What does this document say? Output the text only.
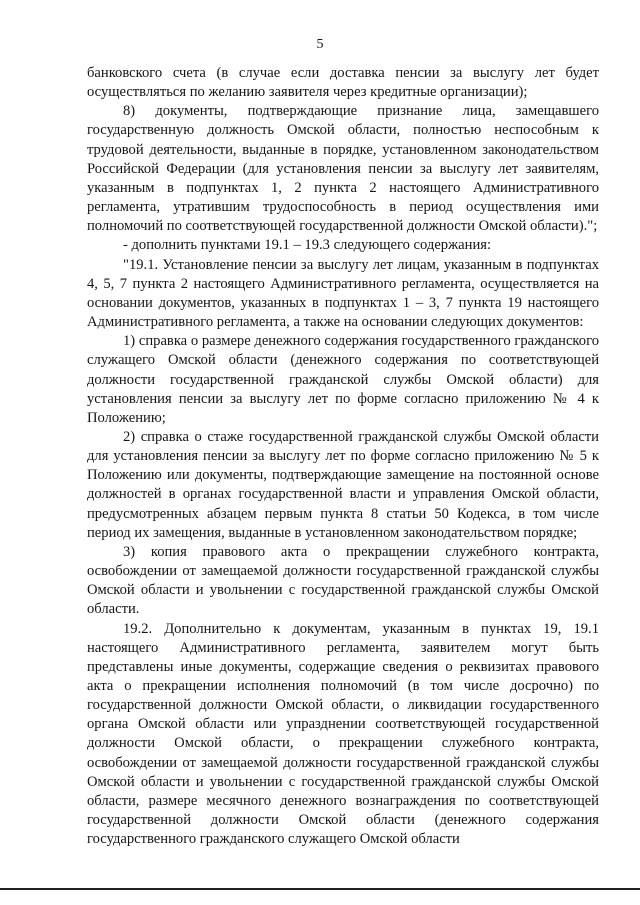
5

банковского счета (в случае если доставка пенсии за выслугу лет будет осуществляться по желанию заявителя через кредитные организации);

8) документы, подтверждающие признание лица, замещавшего государственную должность Омской области, полностью неспособным к трудовой деятельности, выданные в порядке, установленном законодательством Российской Федерации (для установления пенсии за выслугу лет заявителям, указанным в подпунктах 1, 2 пункта 2 настоящего Административного регламента, утратившим трудоспособность в период осуществления ими полномочий по соответствующей государственной должности Омской области).";

- дополнить пунктами 19.1 – 19.3 следующего содержания:

"19.1. Установление пенсии за выслугу лет лицам, указанным в подпунктах 4, 5, 7 пункта 2 настоящего Административного регламента, осуществляется на основании документов, указанных в подпунктах 1 – 3, 7 пункта 19 настоящего Административного регламента, а также на основании следующих документов:

1) справка о размере денежного содержания государственного гражданского служащего Омской области (денежного содержания по соответствующей должности государственной гражданской службы Омской области) для установления пенсии за выслугу лет по форме согласно приложению № 4 к Положению;

2) справка о стаже государственной гражданской службы Омской области для установления пенсии за выслугу лет по форме согласно приложению № 5 к Положению или документы, подтверждающие замещение на постоянной основе должностей в органах государственной власти и управления Омской области, предусмотренных абзацем первым пункта 8 статьи 50 Кодекса, в том числе период их замещения, выданные в установленном законодательством порядке;

3) копия правового акта о прекращении служебного контракта, освобождении от замещаемой должности государственной гражданской службы Омской области и увольнении с государственной гражданской службы Омской области.

19.2. Дополнительно к документам, указанным в пунктах 19, 19.1 настоящего Административного регламента, заявителем могут быть представлены иные документы, содержащие сведения о реквизитах правового акта о прекращении исполнения полномочий (в том числе досрочно) по государственной должности Омской области, о ликвидации государственного органа Омской области или упразднении соответствующей государственной должности Омской области, о прекращении служебного контракта, освобождении от замещаемой должности государственной гражданской службы Омской области и увольнении с государственной гражданской службы Омской области, размере месячного денежного вознаграждения по соответствующей государственной должности Омской области (денежного содержания государственного гражданского служащего Омской области
